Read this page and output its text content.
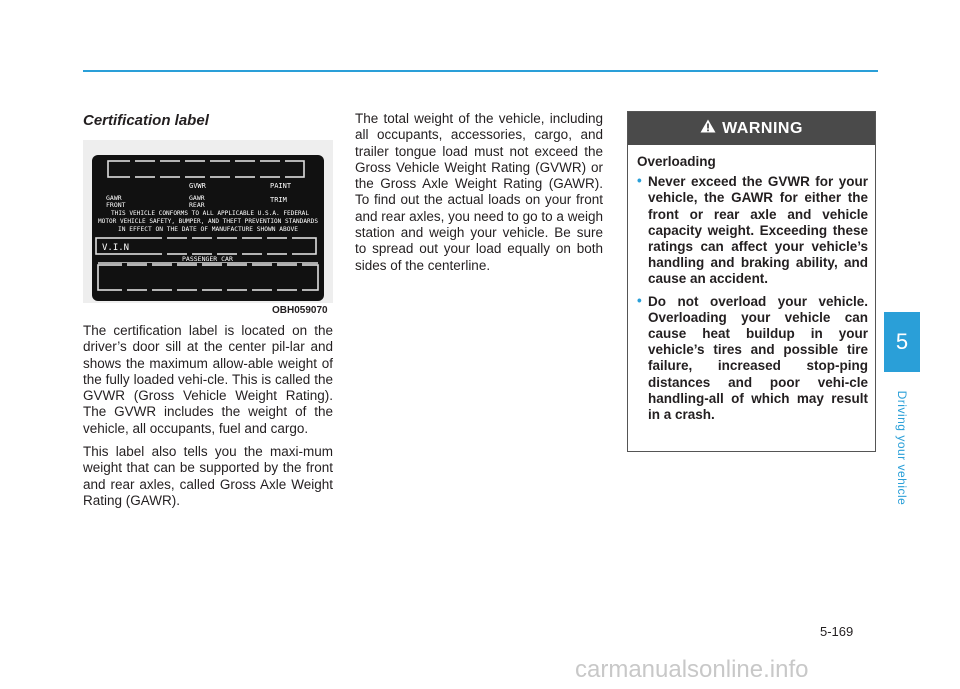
Certification label
GVWR	PAINT
GAWR
FRONT
GAWR
REAR
TRIM
THIS VEHICLE CONFORMS TO ALL APPLICABLE U.S.A. FEDERAL
MOTOR VEHICLE SAFETY, BUMPER, AND THEFT PREVENTION STANDARDS
IN EFFECT ON THE DATE OF MANUFACTURE SHOWN ABOVE
V.I.N
PASSENGER CAR
OBH059070

The certification label is located on the driver’s door sill at the center pil-lar and shows the maximum allow-able weight of the fully loaded vehi-cle. This is called the GVWR (Gross Vehicle Weight Rating). The GVWR includes the weight of the vehicle, all occupants, fuel and cargo.

This label also tells you the maxi-mum weight that can be supported by the front and rear axles, called Gross Axle Weight Rating (GAWR).

The total weight of the vehicle, including all occupants, accessories, cargo, and trailer tongue load must not exceed the Gross Vehicle Weight Rating (GVWR) or the Gross Axle Weight Rating (GAWR). To find out the actual loads on your front and rear axles, you need to go to a weigh station and weigh your vehicle. Be sure to spread out your load equally on both sides of the centerline.

WARNING

Overloading

• Never exceed the GVWR for your vehicle, the GAWR for either the front or rear axle and vehicle capacity weight. Exceeding these ratings can affect your vehicle’s handling and braking ability, and cause an accident.
• Do not overload your vehicle. Overloading your vehicle can cause heat buildup in your vehicle’s tires and possible tire failure, increased stop-ping distances and poor vehi-cle handling-all of which may result in a crash.
5
Driving your vehicle
5-169
carmanualsonline.info
